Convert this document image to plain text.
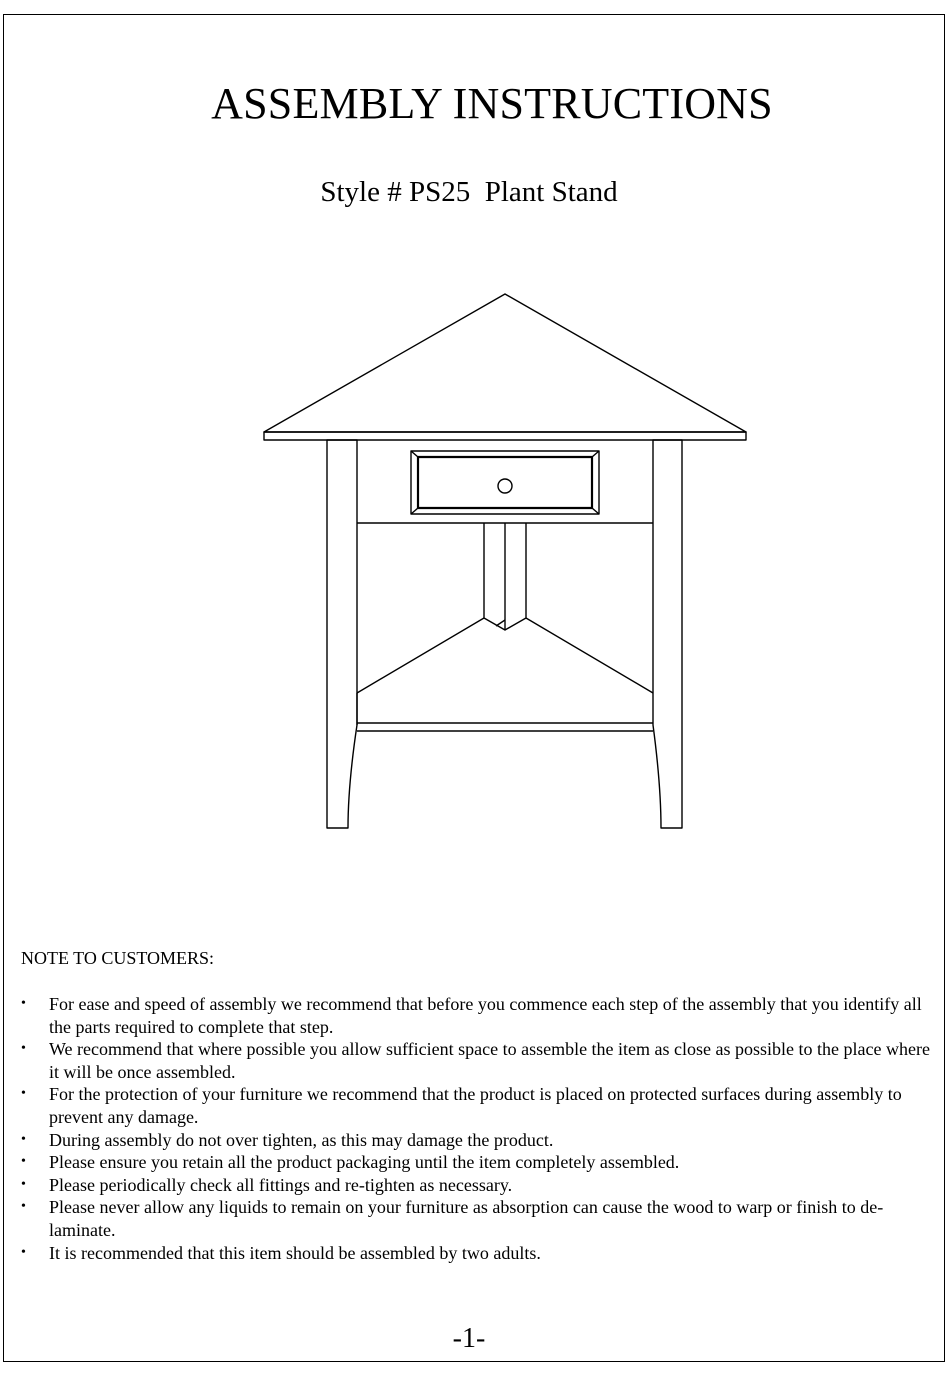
ASSEMBLY INSTRUCTIONS
Style # PS25  Plant Stand
NOTE TO CUSTOMERS:
• For ease and speed of assembly we recommend that before you commence each step of the assembly that you identify all the parts required to complete that step.
• We recommend that where possible you allow sufficient space to assemble the item as close as possible to the place where it will be once assembled.
• For the protection of your furniture we recommend that the product is placed on protected surfaces during assembly to prevent any damage.
• During assembly do not over tighten, as this may damage the product.
• Please ensure you retain all the product packaging until the item completely assembled.
• Please periodically check all fittings and re-tighten as necessary.
• Please never allow any liquids to remain on your furniture as absorption can cause the wood to warp or finish to de-laminate.
• It is recommended that this item should be assembled by two adults.
-1-
